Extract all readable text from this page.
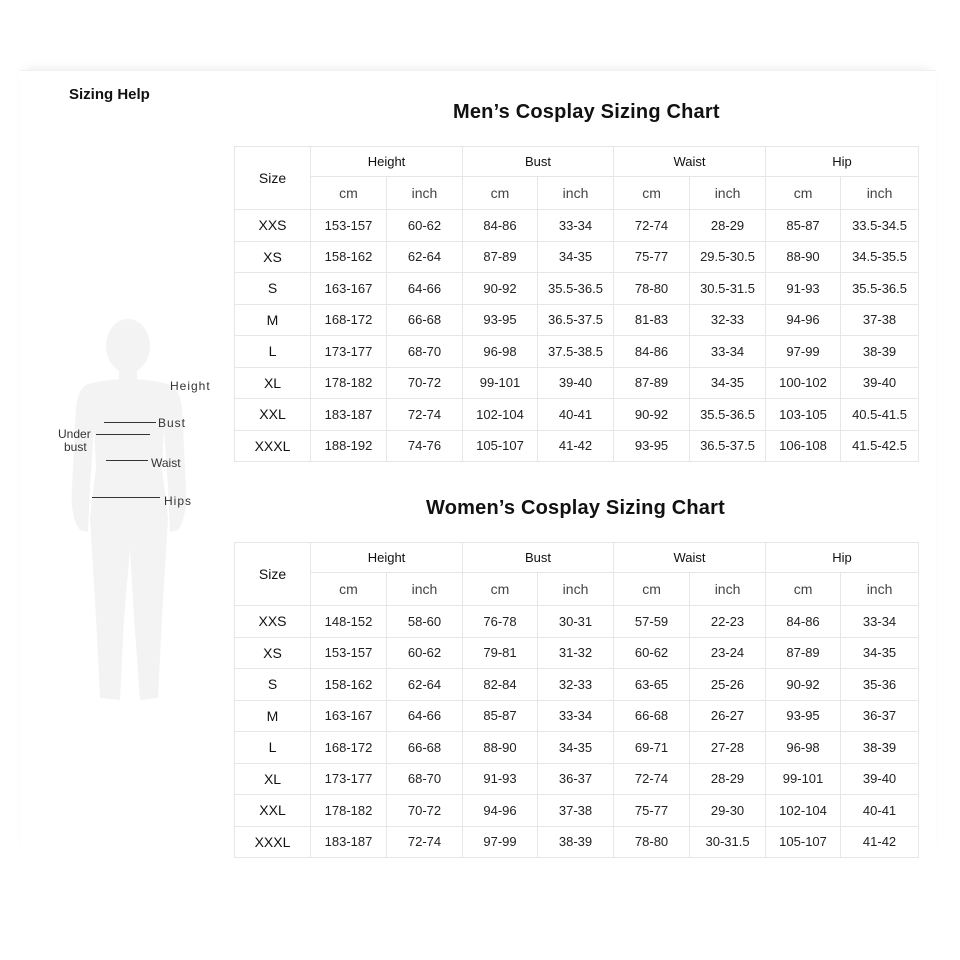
Sizing Help
Height
Bust
Under
bust
Waist
Hips
Men’s Cosplay Sizing Chart
Size	Height		Bust		Waist		Hip	
	cm	inch	cm	inch	cm	inch	cm	inch
XXS	153-157	60-62	84-86	33-34	72-74	28-29	85-87	33.5-34.5
XS	158-162	62-64	87-89	34-35	75-77	29.5-30.5	88-90	34.5-35.5
S	163-167	64-66	90-92	35.5-36.5	78-80	30.5-31.5	91-93	35.5-36.5
M	168-172	66-68	93-95	36.5-37.5	81-83	32-33	94-96	37-38
L	173-177	68-70	96-98	37.5-38.5	84-86	33-34	97-99	38-39
XL	178-182	70-72	99-101	39-40	87-89	34-35	100-102	39-40
XXL	183-187	72-74	102-104	40-41	90-92	35.5-36.5	103-105	40.5-41.5
XXXL	188-192	74-76	105-107	41-42	93-95	36.5-37.5	106-108	41.5-42.5
Women’s Cosplay Sizing Chart
Size	Height		Bust		Waist		Hip	
	cm	inch	cm	inch	cm	inch	cm	inch
XXS	148-152	58-60	76-78	30-31	57-59	22-23	84-86	33-34
XS	153-157	60-62	79-81	31-32	60-62	23-24	87-89	34-35
S	158-162	62-64	82-84	32-33	63-65	25-26	90-92	35-36
M	163-167	64-66	85-87	33-34	66-68	26-27	93-95	36-37
L	168-172	66-68	88-90	34-35	69-71	27-28	96-98	38-39
XL	173-177	68-70	91-93	36-37	72-74	28-29	99-101	39-40
XXL	178-182	70-72	94-96	37-38	75-77	29-30	102-104	40-41
XXXL	183-187	72-74	97-99	38-39	78-80	30-31.5	105-107	41-42
